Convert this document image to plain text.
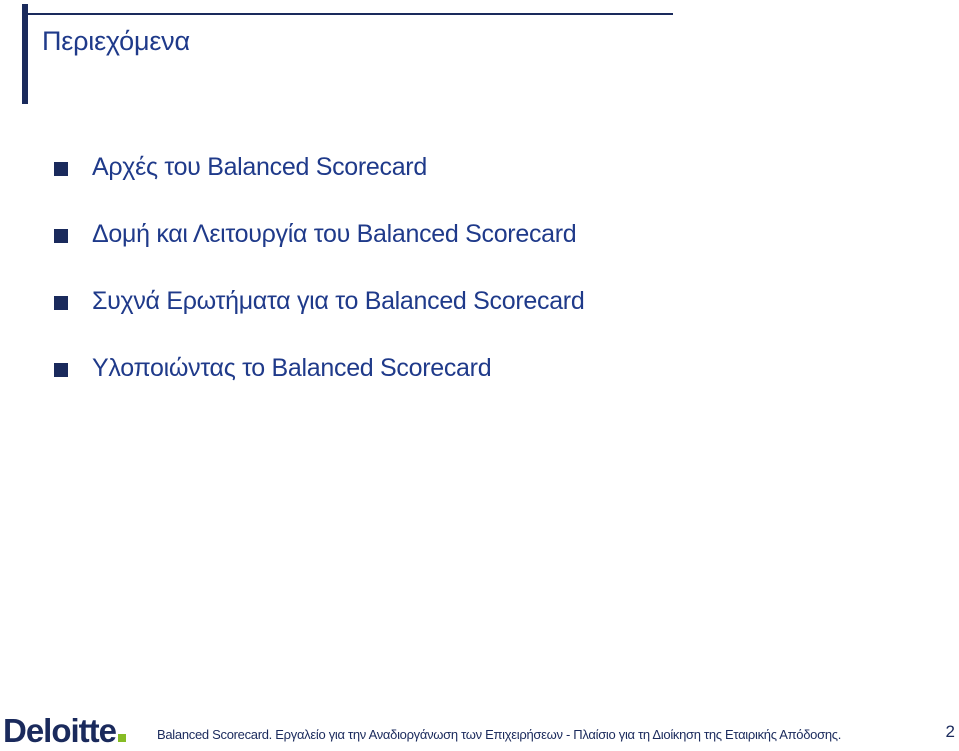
Περιεχόμενα
Αρχές του Balanced Scorecard
Δομή και Λειτουργία του Balanced Scorecard
Συχνά Ερωτήματα για το Balanced Scorecard
Υλοποιώντας το Balanced Scorecard
Deloitte	Balanced Scorecard. Εργαλείο για την Αναδιοργάνωση των Επιχειρήσεων - Πλαίσιο για τη Διοίκηση της Εταιρικής Απόδοσης.	2
